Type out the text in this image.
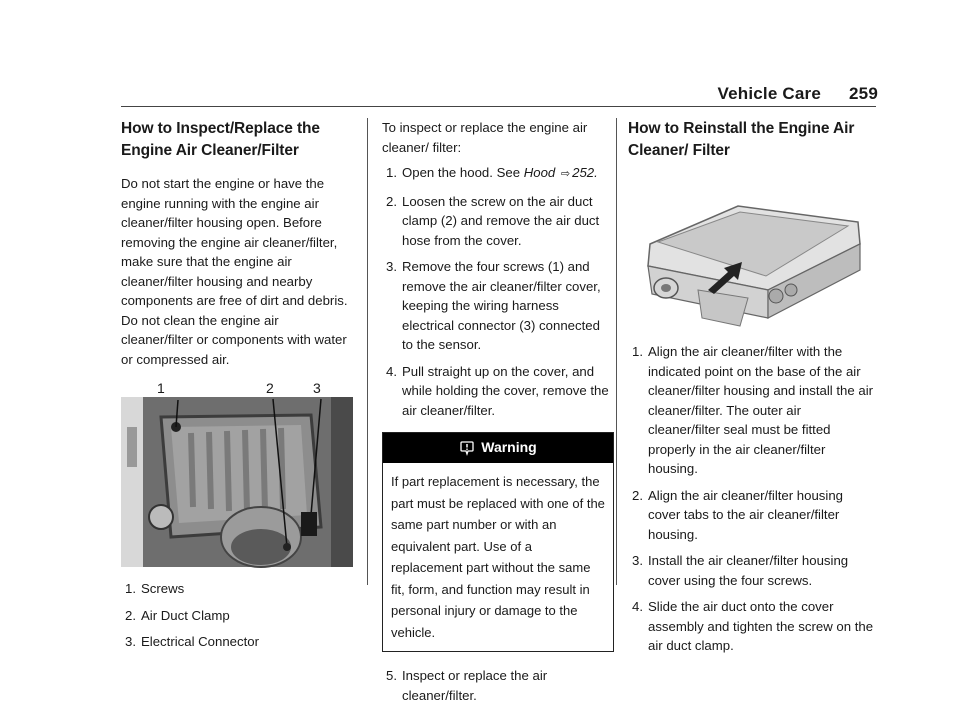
Vehicle Care 259
How to Inspect/Replace the Engine Air Cleaner/Filter

Do not start the engine or have the engine running with the engine air cleaner/filter housing open. Before removing the engine air cleaner/filter, make sure that the engine air cleaner/filter housing and nearby components are free of dirt and debris. Do not clean the engine air cleaner/filter or components with water or compressed air.

1	2	3
1. Screws
2. Air Duct Clamp
3. Electrical Connector

To inspect or replace the engine air cleaner/ filter:

1. Open the hood. See Hood ⇨ 252.
2. Loosen the screw on the air duct clamp (2) and remove the air duct hose from the cover.
3. Remove the four screws (1) and remove the air cleaner/filter cover, keeping the wiring harness electrical connector (3) connected to the sensor.
4. Pull straight up on the cover, and while holding the cover, remove the air cleaner/filter.
Warning
If part replacement is necessary, the part must be replaced with one of the same part number or with an equivalent part. Use of a replacement part without the same fit, form, and function may result in personal injury or damage to the vehicle.
5. Inspect or replace the air cleaner/filter.
How to Reinstall the Engine Air Cleaner/ Filter
1. Align the air cleaner/filter with the indicated point on the base of the air cleaner/filter housing and install the air cleaner/filter. The outer air cleaner/filter seal must be fitted properly in the air cleaner/filter housing.
2. Align the air cleaner/filter housing cover tabs to the air cleaner/filter housing.
3. Install the air cleaner/filter housing cover using the four screws.
4. Slide the air duct onto the cover assembly and tighten the screw on the air duct clamp.
